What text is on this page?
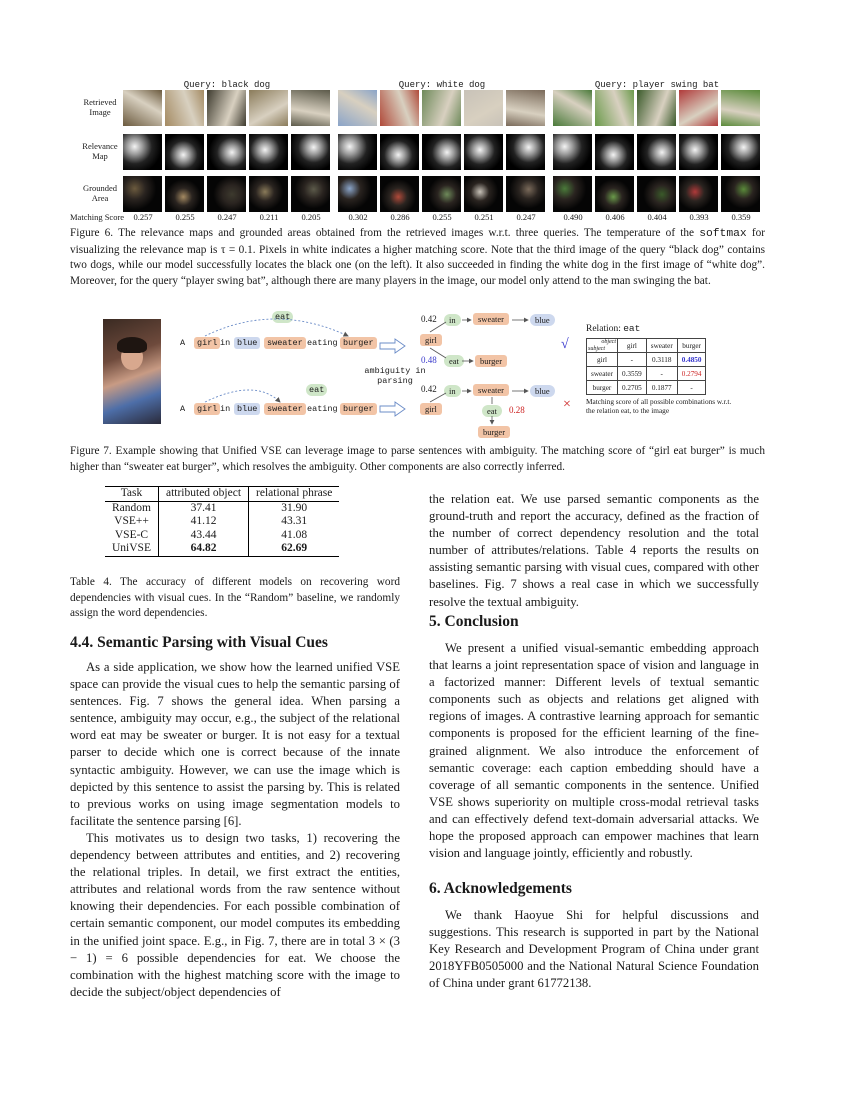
Query: black dog	Query: white dog	Query: player swing bat
Retrieved Image
Relevance Map
Grounded Area
Matching Score	0.257	0.255	0.247	0.211	0.205	0.302	0.286	0.255	0.251	0.247	0.490	0.406	0.404	0.393	0.359
Figure 6. The relevance maps and grounded areas obtained from the retrieved images w.r.t. three queries. The temperature of the softmax for visualizing the relevance map is τ = 0.1. Pixels in white indicates a higher matching score. Note that the third image of the query “black dog” contains two dogs, while our model successfully locates the black one (on the left). It also succeeded in finding the white dog in the first image of “white dog”. Moreover, for the query “player swing bat”, although there are many players in the image, our model only attend to the man swinging the bat.
A	girl in blue	sweater eating burger
eat
A	girl in blue	sweater eating burger
eat
ambiguity in parsing
0.42	in	sweater	blue
girl
0.48	eat	burger
0.42	in	sweater	blue
girl	eat	0.28
burger
√
×
Relation: eat
object
subject	girl	sweater	burger
girl	-	0.3118	0.4850
sweater	0.3559	-	0.2794
burger	0.2705	0.1877	-
Matching score of all possible combinations w.r.t. the relation eat, to the image
Figure 7. Example showing that Unified VSE can leverage image to parse sentences with ambiguity. The matching score of “girl eat burger” is much higher than “sweater eat burger”, which resolves the ambiguity. Other components are also correctly inferred.
Task	attributed object	relational phrase
Random	37.41	31.90
VSE++	41.12	43.31
VSE-C	43.44	41.08
UniVSE	64.82	62.69
Table 4. The accuracy of different models on recovering word dependencies with visual cues. In the “Random” baseline, we randomly assign the word dependencies.
4.4. Semantic Parsing with Visual Cues

As a side application, we show how the learned unified VSE space can provide the visual cues to help the semantic parsing of sentences. Fig. 7 shows the general idea. When parsing a sentence, ambiguity may occur, e.g., the subject of the relational word eat may be sweater or burger. It is not easy for a textual parser to decide which one is correct because of the innate syntactic ambiguity. However, we can use the image which is depicted by this sentence to assist the parsing by. This is related to previous works on using image segmentation models to facilitate the sentence parsing [6].

This motivates us to design two tasks, 1) recovering the dependency between attributes and entities, and 2) recovering the relational triples. In detail, we first extract the entities, attributes and relational words from the raw sentence without knowing their dependencies. For each possible combination of certain semantic component, our model computes its embedding in the unified joint space. E.g., in Fig. 7, there are in total 3 × (3 − 1) = 6 possible dependencies for eat. We choose the combination with the highest matching score with the image to decide the subject/object dependencies of

the relation eat. We use parsed semantic components as the ground-truth and report the accuracy, defined as the fraction of the number of correct dependency resolution and the total number of attributes/relations. Table 4 reports the results on assisting semantic parsing with visual cues, compared with other baselines. Fig. 7 shows a real case in which we successfully resolve the textual ambiguity.

5. Conclusion

We present a unified visual-semantic embedding approach that learns a joint representation space of vision and language in a factorized manner: Different levels of textual semantic components such as objects and relations get aligned with regions of images. A contrastive learning approach for semantic components is proposed for the efficient learning of the fine-grained alignment. We also introduce the enforcement of semantic coverage: each caption embedding should have a coverage of all semantic components in the sentence. Unified VSE shows superiority on multiple cross-modal retrieval tasks and can effectively defend text-domain adversarial attacks. We hope the proposed approach can empower machines that learn vision and language jointly, efficiently and robustly.

6. Acknowledgements

We thank Haoyue Shi for helpful discussions and suggestions. This research is supported in part by the National Key Research and Development Program of China under grant 2018YFB0505000 and the National Natural Science Foundation of China under grant 61772138.
